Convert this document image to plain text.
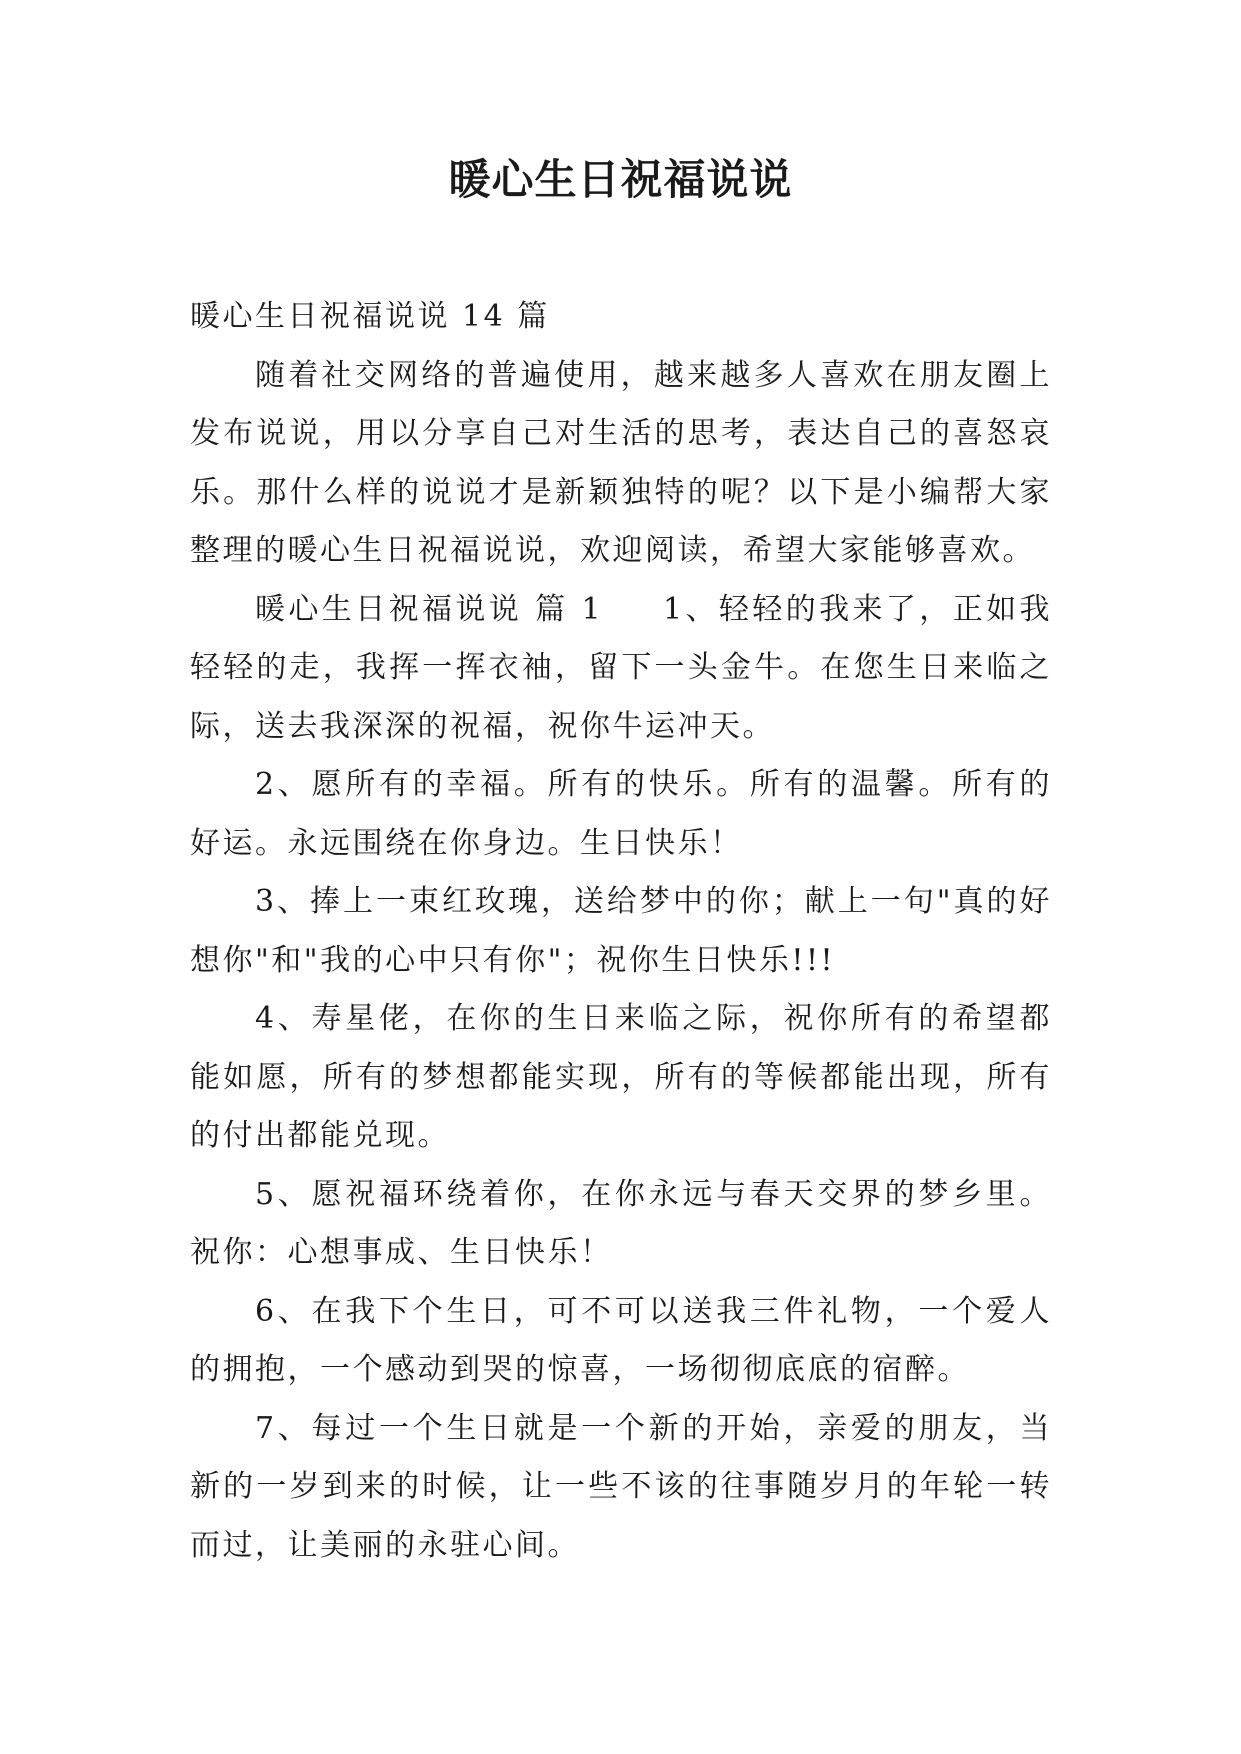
暖心生日祝福说说

暖心生日祝福说说 14 篇

随着社交网络的普遍使用，越来越多人喜欢在朋友圈上发布说说，用以分享自己对生活的思考，表达自己的喜怒哀乐。那什么样的说说才是新颖独特的呢？以下是小编帮大家整理的暖心生日祝福说说，欢迎阅读，希望大家能够喜欢。

暖心生日祝福说说 篇 1 1、轻轻的我来了，正如我轻轻的走，我挥一挥衣袖，留下一头金牛。在您生日来临之际，送去我深深的祝福，祝你牛运冲天。

2、愿所有的幸福。所有的快乐。所有的温馨。所有的好运。永远围绕在你身边。生日快乐！

3、捧上一束红玫瑰，送给梦中的你；献上一句"真的好想你"和"我的心中只有你"；祝你生日快乐!!!

4、寿星佬，在你的生日来临之际，祝你所有的希望都能如愿，所有的梦想都能实现，所有的等候都能出现，所有的付出都能兑现。

5、愿祝福环绕着你，在你永远与春天交界的梦乡里。祝你：心想事成、生日快乐！

6、在我下个生日，可不可以送我三件礼物，一个爱人的拥抱，一个感动到哭的惊喜，一场彻彻底底的宿醉。

7、每过一个生日就是一个新的开始，亲爱的朋友，当新的一岁到来的时候，让一些不该的往事随岁月的年轮一转而过，让美丽的永驻心间。
